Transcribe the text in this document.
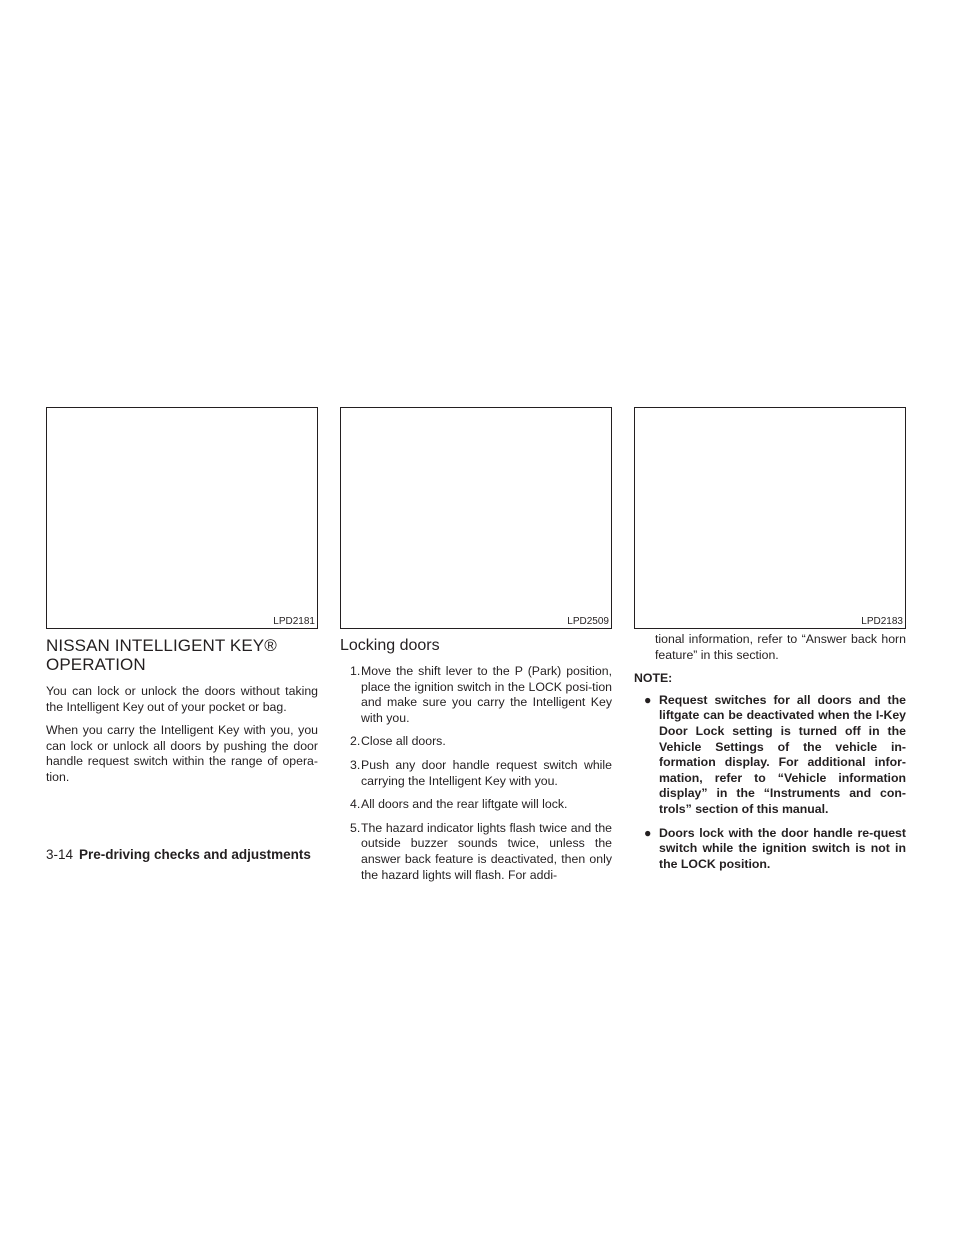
LPD2181	LPD2509	LPD2183
NISSAN INTELLIGENT KEY®
OPERATION

You can lock or unlock the doors without taking the Intelligent Key out of your pocket or bag.

When you carry the Intelligent Key with you, you can lock or unlock all doors by pushing the door handle request switch within the range of opera-tion.

Locking doors
1. Move the shift lever to the P (Park) position, place the ignition switch in the LOCK posi-tion and make sure you carry the Intelligent Key with you.
2. Close all doors.
3. Push any door handle request switch while carrying the Intelligent Key with you.
4. All doors and the rear liftgate will lock.
5. The hazard indicator lights flash twice and the outside buzzer sounds twice, unless the answer back feature is deactivated, then only the hazard lights will flash. For addi-
tional information, refer to “Answer back horn feature” in this section.
NOTE:
● Request switches for all doors and the liftgate can be deactivated when the I-Key Door Lock setting is turned off in the Vehicle Settings of the vehicle in-formation display. For additional infor-mation, refer to “Vehicle information display” in the “Instruments and con-trols” section of this manual.
● Doors lock with the door handle re-quest switch while the ignition switch is not in the LOCK position.
3-14 Pre-driving checks and adjustments
